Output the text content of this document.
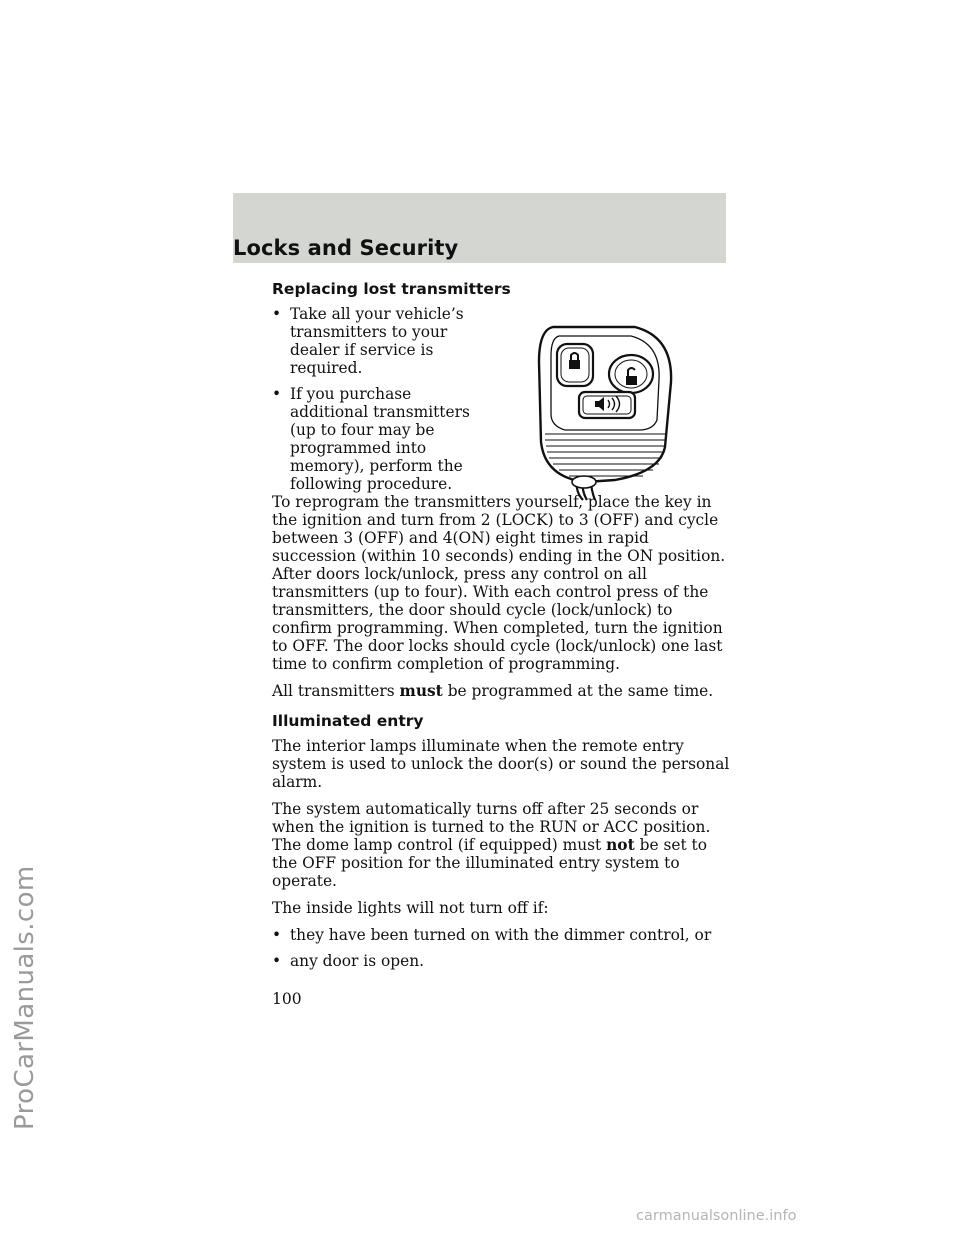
Locks and Security
Replacing lost transmitters
• Take all your vehicle’s transmitters to your dealer if service is required.
• If you purchase additional transmitters (up to four may be programmed into memory), perform the following procedure.

To reprogram the transmitters yourself, place the key in the ignition and turn from 2 (LOCK) to 3 (OFF) and cycle between 3 (OFF) and 4(ON) eight times in rapid succession (within 10 seconds) ending in the ON position. After doors lock/unlock, press any control on all transmitters (up to four). With each control press of the transmitters, the door should cycle (lock/unlock) to confirm programming. When completed, turn the ignition to OFF. The door locks should cycle (lock/unlock) one last time to confirm completion of programming.

All transmitters must be programmed at the same time.

Illuminated entry

The interior lamps illuminate when the remote entry system is used to unlock the door(s) or sound the personal alarm.

The system automatically turns off after 25 seconds or when the ignition is turned to the RUN or ACC position. The dome lamp control (if equipped) must not be set to the OFF position for the illuminated entry system to operate.

The inside lights will not turn off if:

• they have been turned on with the dimmer control, or
• any door is open.
100
ProCarManuals.com
carmanualsonline.info
